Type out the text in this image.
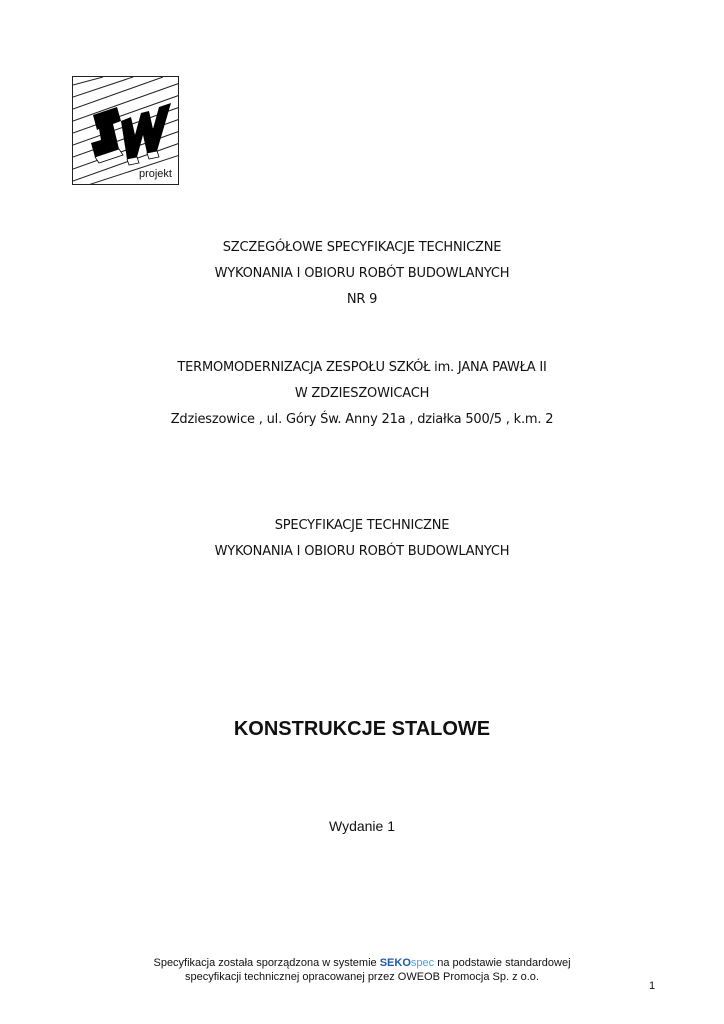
projekt
SZCZEGÓŁOWE SPECYFIKACJE TECHNICZNE
WYKONANIA I OBIORU ROBÓT BUDOWLANYCH
NR 9
TERMOMODERNIZACJA ZESPOŁU SZKÓŁ im. JANA PAWŁA II
W ZDZIESZOWICACH
Zdzieszowice , ul. Góry Św. Anny 21a , działka 500/5 , k.m. 2
SPECYFIKACJE TECHNICZNE
WYKONANIA I OBIORU ROBÓT BUDOWLANYCH
KONSTRUKCJE STALOWE
Wydanie 1
Specyfikacja została sporządzona w systemie SEKOspec na podstawie standardowej
specyfikacji technicznej opracowanej przez OWEOB Promocja Sp. z o.o.
1
